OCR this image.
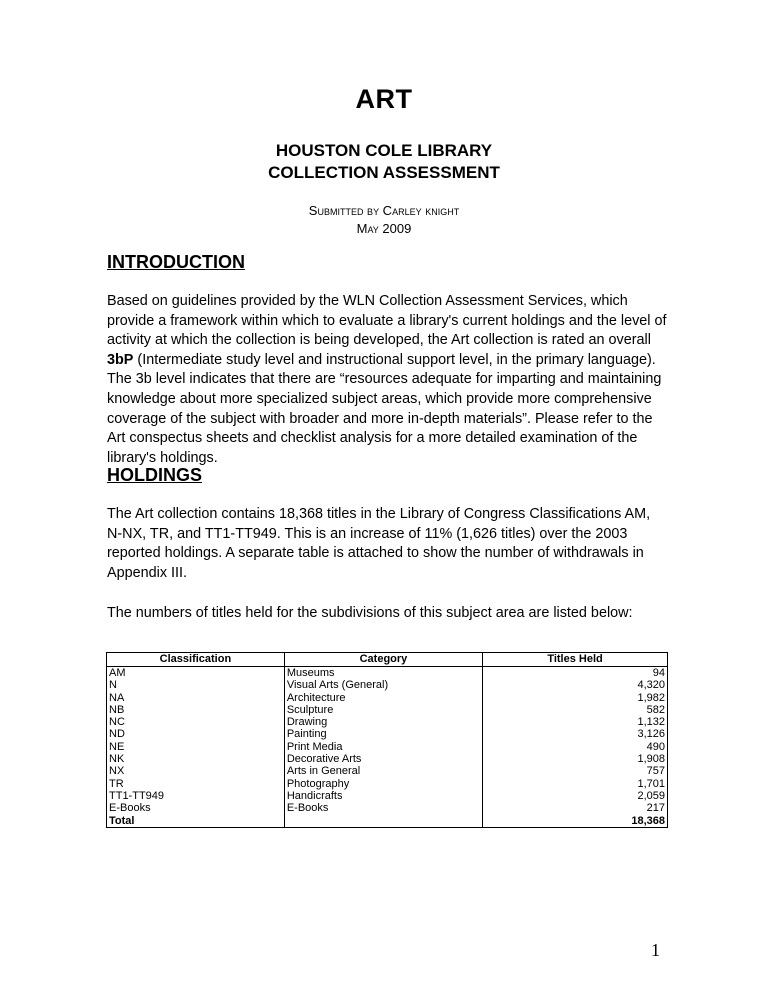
ART
HOUSTON COLE LIBRARY
COLLECTION ASSESSMENT
Submitted by Carley knight
May 2009
INTRODUCTION
Based on guidelines provided by the WLN Collection Assessment Services, which provide a framework within which to evaluate a library's current holdings and the level of activity at which the collection is being developed, the Art collection is rated an overall 3bP (Intermediate study level and instructional support level, in the primary language). The 3b level indicates that there are “resources adequate for imparting and maintaining knowledge about more specialized subject areas, which provide more comprehensive coverage of the subject with broader and more in-depth materials”. Please refer to the Art conspectus sheets and checklist analysis for a more detailed examination of the library's holdings.
HOLDINGS
The Art collection contains 18,368 titles in the Library of Congress Classifications AM, N-NX, TR, and TT1-TT949. This is an increase of 11% (1,626 titles) over the 2003 reported holdings. A separate table is attached to show the number of withdrawals in Appendix III.
The numbers of titles held for the subdivisions of this subject area are listed below:
Classification	Category	Titles Held
AM	Museums	94
N	Visual Arts (General)	4,320
NA	Architecture	1,982
NB	Sculpture	582
NC	Drawing	1,132
ND	Painting	3,126
NE	Print Media	490
NK	Decorative Arts	1,908
NX	Arts in General	757
TR	Photography	1,701
TT1-TT949	Handicrafts	2,059
E-Books	E-Books	217
Total		18,368
1
